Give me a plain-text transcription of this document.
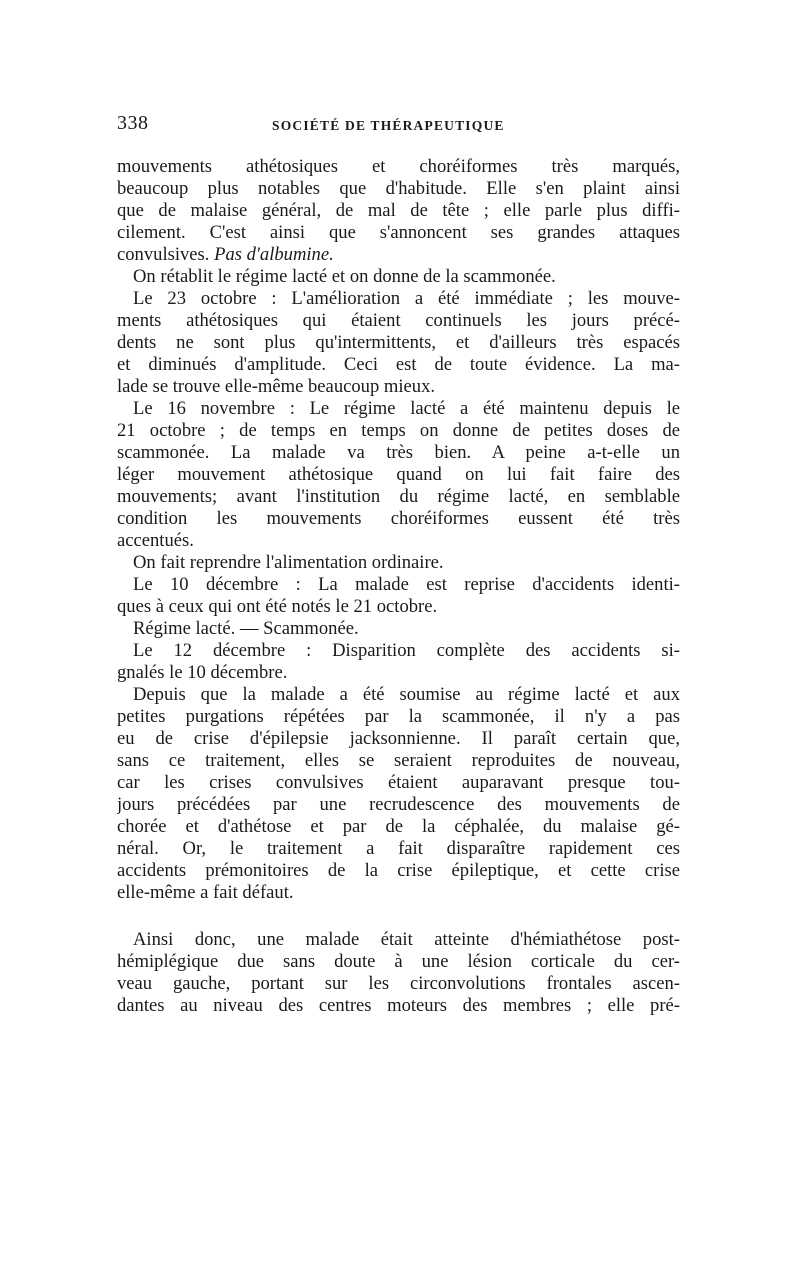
338	SOCIÉTÉ DE THÉRAPEUTIQUE
mouvements athétosiques et choréiformes très marqués,
beaucoup plus notables que d'habitude. Elle s'en plaint ainsi
que de malaise général, de mal de tête ; elle parle plus diffi-
cilement. C'est ainsi que s'annoncent ses grandes attaques
convulsives. Pas d'albumine.
On rétablit le régime lacté et on donne de la scammonée.
Le 23 octobre : L'amélioration a été immédiate ; les mouve-
ments athétosiques qui étaient continuels les jours précé-
dents ne sont plus qu'intermittents, et d'ailleurs très espacés
et diminués d'amplitude. Ceci est de toute évidence. La ma-
lade se trouve elle-même beaucoup mieux.
Le 16 novembre : Le régime lacté a été maintenu depuis le
21 octobre ; de temps en temps on donne de petites doses de
scammonée. La malade va très bien. A peine a-t-elle un
léger mouvement athétosique quand on lui fait faire des
mouvements; avant l'institution du régime lacté, en semblable
condition les mouvements choréiformes eussent été très
accentués.
On fait reprendre l'alimentation ordinaire.
Le 10 décembre : La malade est reprise d'accidents identi-
ques à ceux qui ont été notés le 21 octobre.
Régime lacté. — Scammonée.
Le 12 décembre : Disparition complète des accidents si-
gnalés le 10 décembre.
Depuis que la malade a été soumise au régime lacté et aux
petites purgations répétées par la scammonée, il n'y a pas
eu de crise d'épilepsie jacksonnienne. Il paraît certain que,
sans ce traitement, elles se seraient reproduites de nouveau,
car les crises convulsives étaient auparavant presque tou-
jours précédées par une recrudescence des mouvements de
chorée et d'athétose et par de la céphalée, du malaise gé-
néral. Or, le traitement a fait disparaître rapidement ces
accidents prémonitoires de la crise épileptique, et cette crise
elle-même a fait défaut.
Ainsi donc, une malade était atteinte d'hémiathétose post-
hémiplégique due sans doute à une lésion corticale du cer-
veau gauche, portant sur les circonvolutions frontales ascen-
dantes au niveau des centres moteurs des membres ; elle pré-
